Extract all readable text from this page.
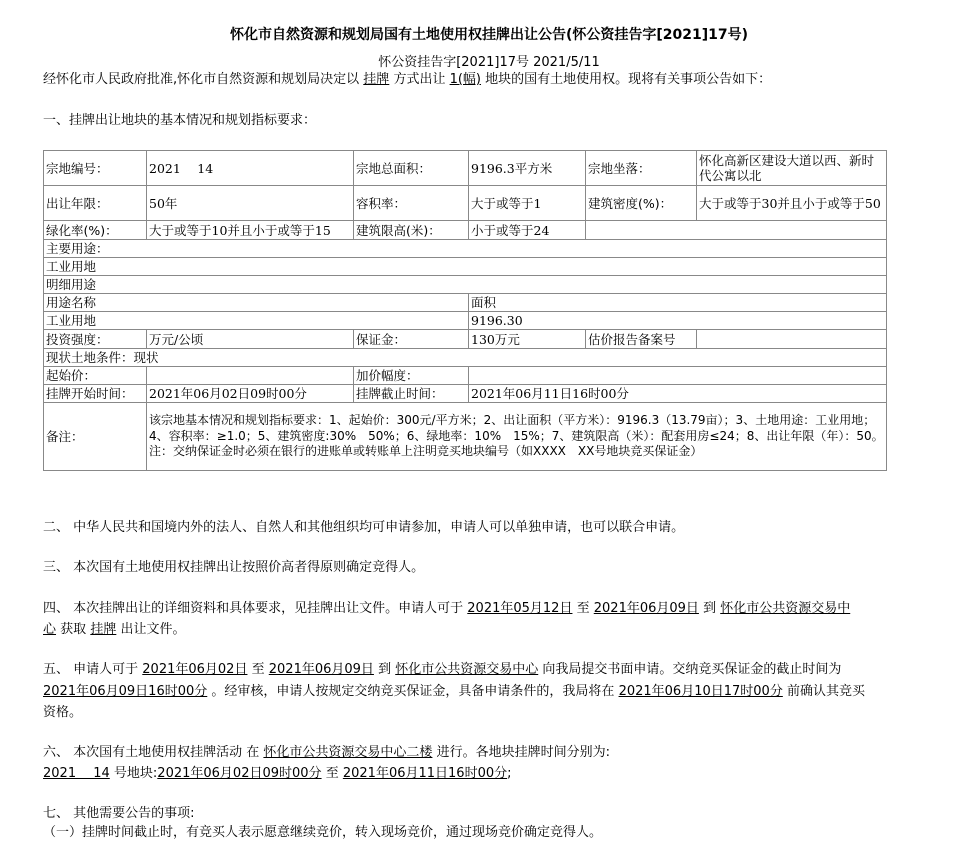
怀化市自然资源和规划局国有土地使用权挂牌出让公告(怀公资挂告字[2021]17号)
怀公资挂告字[2021]17号 2021/5/11
经怀化市人民政府批准,怀化市自然资源和规划局决定以 挂牌 方式出让 1(幅) 地块的国有土地使用权。现将有关事项公告如下：
一、挂牌出让地块的基本情况和规划指标要求：
宗地编号：	2021　 14	宗地总面积：	9196.3平方米	宗地坐落：	怀化高新区建设大道以西、新时代公寓以北
出让年限：	50年	容积率：	大于或等于1	建筑密度(%)：	大于或等于30并且小于或等于50
绿化率(%)：	大于或等于10并且小于或等于15	建筑限高(米)：	小于或等于24		
主要用途：					
工业用地					
明细用途					
用途名称			面积		
工业用地			9196.30		
投资强度：	万元/公顷	保证金：	130万元	估价报告备案号	
现状土地条件：现状					
起始价：		加价幅度：			
挂牌开始时间：	2021年06月02日09时00分	挂牌截止时间：	2021年06月11日16时00分		
备注：	该宗地基本情况和规划指标要求：1、起始价：300元/平方米；2、出让面积（平方米）：9196.3（13.79亩）；3、土地用途：工业用地；4、容积率：≥1.0；5、建筑密度:30%　50%；6、绿地率：10%　15%；7、建筑限高（米）：配套用房≤24；8、出让年限（年）：50。注：交纳保证金时必须在银行的进账单或转账单上注明竞买地块编号（如XXXX　XX号地块竞买保证金）				
二、 中华人民共和国境内外的法人、自然人和其他组织均可申请参加，申请人可以单独申请，也可以联合申请。
三、 本次国有土地使用权挂牌出让按照价高者得原则确定竞得人。
四、 本次挂牌出让的详细资料和具体要求，见挂牌出让文件。申请人可于 2021年05月12日 至 2021年06月09日 到 怀化市公共资源交易中
心 获取 挂牌 出让文件。
五、 申请人可于 2021年06月02日 至 2021年06月09日 到 怀化市公共资源交易中心 向我局提交书面申请。交纳竞买保证金的截止时间为
2021年06月09日16时00分 。经审核，申请人按规定交纳竞买保证金，具备申请条件的，我局将在 2021年06月10日17时00分 前确认其竞买
资格。
六、 本次国有土地使用权挂牌活动 在 怀化市公共资源交易中心二楼 进行。各地块挂牌时间分别为:
2021　 14 号地块:2021年06月02日09时00分 至 2021年06月11日16时00分;
七、 其他需要公告的事项:
（一）挂牌时间截止时，有竞买人表示愿意继续竞价，转入现场竞价，通过现场竞价确定竞得人。
